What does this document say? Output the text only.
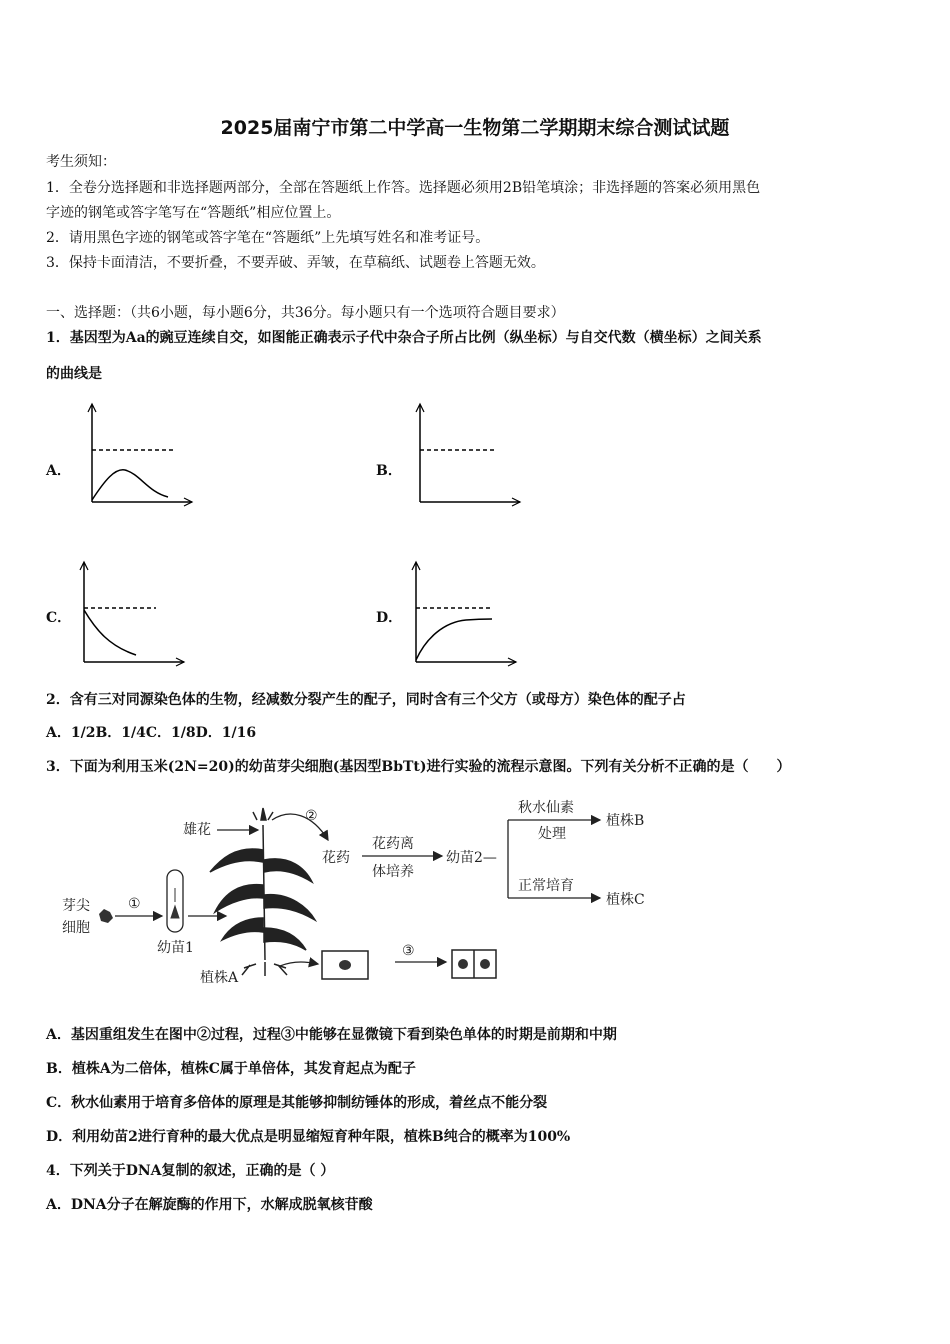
2025届南宁市第二中学高一生物第二学期期末综合测试试题
考生须知：
1．全卷分选择题和非选择题两部分，全部在答题纸上作答。选择题必须用2B铅笔填涂；非选择题的答案必须用黑色
字迹的钢笔或答字笔写在“答题纸”相应位置上。
2．请用黑色字迹的钢笔或答字笔在“答题纸”上先填写姓名和准考证号。
3．保持卡面清洁，不要折叠，不要弄破、弄皱，在草稿纸、试题卷上答题无效。
一、选择题：（共6小题，每小题6分，共36分。每小题只有一个选项符合题目要求）
1．基因型为Aa的豌豆连续自交，如图能正确表示子代中杂合子所占比例（纵坐标）与自交代数（横坐标）之间关系
的曲线是
A．	B．
C．	D．
2．含有三对同源染色体的生物，经减数分裂产生的配子，同时含有三个父方（或母方）染色体的配子占
A．1/2B．1/4C．1/8D．1/16
3．下面为利用玉米(2N=20)的幼苗芽尖细胞(基因型BbTt)进行实验的流程示意图。下列有关分析不正确的是（　　）
芽尖
细胞
①
幼苗1
雄花
②
植株A
花药
花药离
体培养
幼苗2—
秋水仙素
处理
植株B
正常培育
植株C
③
A．基因重组发生在图中②过程，过程③中能够在显微镜下看到染色单体的时期是前期和中期
B．植株A为二倍体，植株C属于单倍体，其发育起点为配子
C．秋水仙素用于培育多倍体的原理是其能够抑制纺锤体的形成，着丝点不能分裂
D．利用幼苗2进行育种的最大优点是明显缩短育种年限，植株B纯合的概率为100%
4．下列关于DNA复制的叙述，正确的是（ ）
A．DNA分子在解旋酶的作用下，水解成脱氧核苷酸
